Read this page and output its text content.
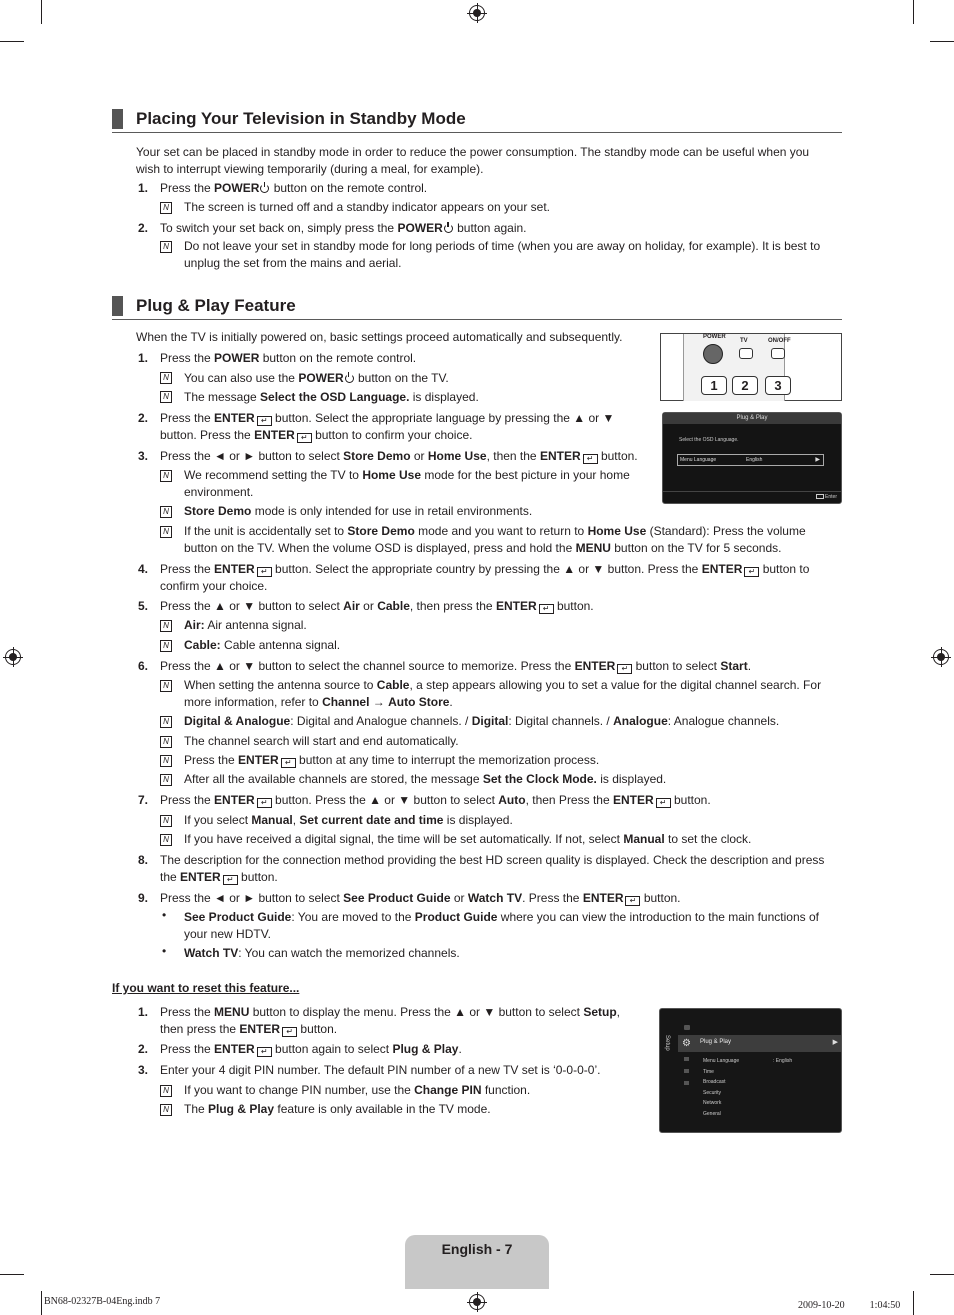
Placing Your Television in Standby Mode

Your set can be placed in standby mode in order to reduce the power consumption. The standby mode can be useful when you wish to interrupt viewing temporarily (during a meal, for example).

1. Press the POWER button on the remote control.

N The screen is turned off and a standby indicator appears on your set.

2. To switch your set back on, simply press the POWER button again.

N Do not leave your set in standby mode for long periods of time (when you are away on holiday, for example). It is best to unplug the set from the mains and aerial.

Plug & Play Feature

When the TV is initially powered on, basic settings proceed automatically and subsequently.	POWER
TV	ON/OFF
1	2	3
Plug & Play
Select the OSD Language.
Menu Language	English	▶
Enter
1. Press the POWER button on the remote control.

N You can also use the POWER button on the TV.

N The message Select the OSD Language. is displayed.

2. Press the ENTER ↵ button. Select the appropriate language by pressing the ▲ or ▼ button. Press the ENTER ↵ button to confirm your choice.

3. Press the ◄ or ► button to select Store Demo or Home Use, then the ENTER ↵ button.

N We recommend setting the TV to Home Use mode for the best picture in your home environment.

N Store Demo mode is only intended for use in retail environments.

N If the unit is accidentally set to Store Demo mode and you want to return to Home Use (Standard): Press the volume button on the TV. When the volume OSD is displayed, press and hold the MENU button on the TV for 5 seconds.

4. Press the ENTER ↵ button. Select the appropriate country by pressing the ▲ or ▼ button. Press the ENTER ↵ button to confirm your choice.

5. Press the ▲ or ▼ button to select Air or Cable, then press the ENTER ↵ button.

N Air: Air antenna signal.

N Cable: Cable antenna signal.

6. Press the ▲ or ▼ button to select the channel source to memorize. Press the ENTER ↵ button to select Start.

N When setting the antenna source to Cable, a step appears allowing you to set a value for the digital channel search. For more information, refer to Channel → Auto Store.

N Digital & Analogue: Digital and Analogue channels. / Digital: Digital channels. / Analogue: Analogue channels.

N The channel search will start and end automatically.

N Press the ENTER ↵ button at any time to interrupt the memorization process.

N After all the available channels are stored, the message Set the Clock Mode. is displayed.

7. Press the ENTER ↵ button. Press the ▲ or ▼ button to select Auto, then Press the ENTER ↵ button.

N If you select Manual, Set current date and time is displayed.

N If you have received a digital signal, the time will be set automatically. If not, select Manual to set the clock.

8. The description for the connection method providing the best HD screen quality is displayed. Check the description and press the ENTER ↵ button.

9. Press the ◄ or ► button to select See Product Guide or Watch TV. Press the ENTER ↵ button.

• See Product Guide: You are moved to the Product Guide where you can view the introduction to the main functions of your new HDTV.

• Watch TV: You can watch the memorized channels.

If you want to reset this feature...
1. Press the MENU button to display the menu. Press the ▲ or ▼ button to select Setup, then press the ENTER ↵ button.

2. Press the ENTER ↵ button again to select Plug & Play.

3. Enter your 4 digit PIN number. The default PIN number of a new TV set is ‘0-0-0-0’.

N If you want to change PIN number, use the Change PIN function.

N The Plug & Play feature is only available in the TV mode.

Setup ⚙ Plug & Play	▶
Menu Language
Time
Broadcast
Security
Network
General
: English
English - 7
BN68-02327B-04Eng.indb 7	2009-10-20 　　 1:04:50
